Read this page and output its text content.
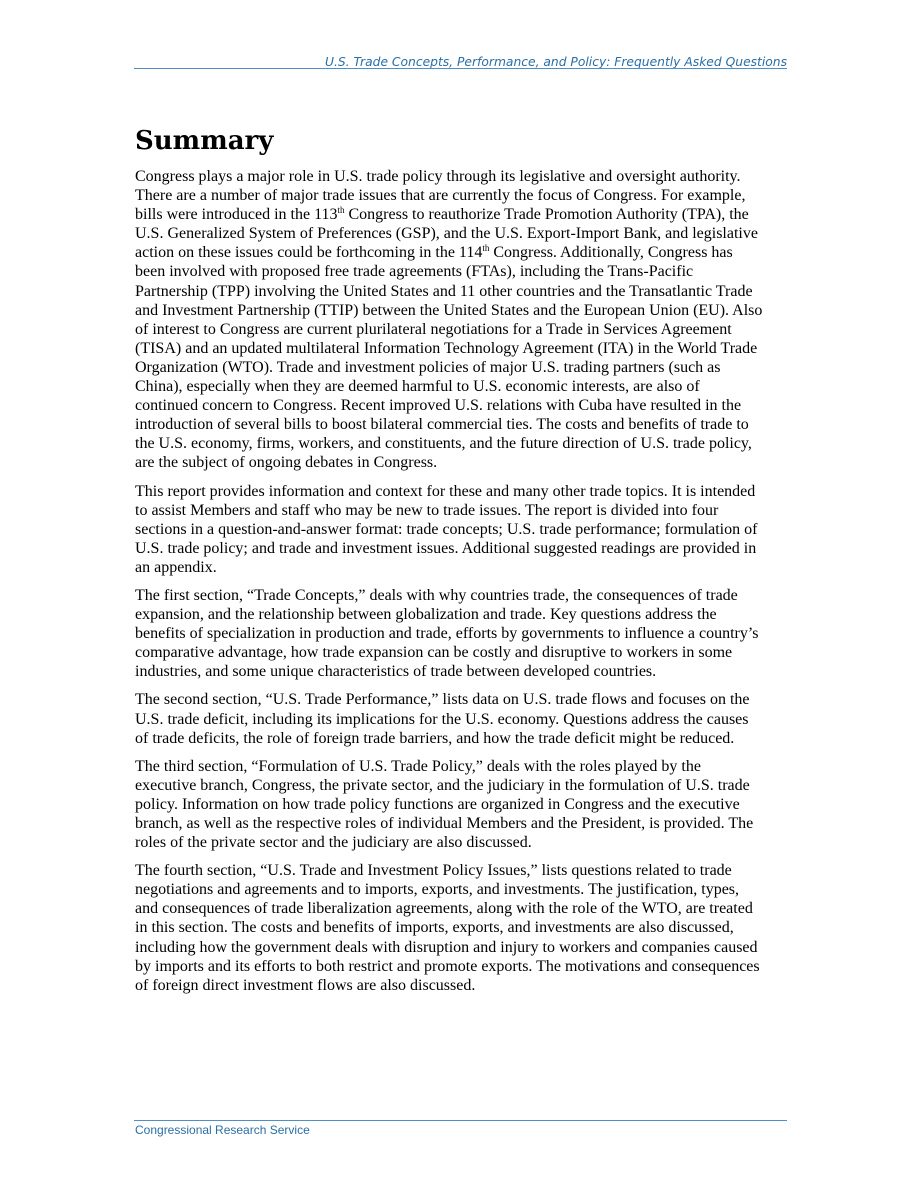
U.S. Trade Concepts, Performance, and Policy: Frequently Asked Questions
Summary

Congress plays a major role in U.S. trade policy through its legislative and oversight authority.
There are a number of major trade issues that are currently the focus of Congress. For example,
bills were introduced in the 113th Congress to reauthorize Trade Promotion Authority (TPA), the
U.S. Generalized System of Preferences (GSP), and the U.S. Export-Import Bank, and legislative
action on these issues could be forthcoming in the 114th Congress. Additionally, Congress has
been involved with proposed free trade agreements (FTAs), including the Trans-Pacific
Partnership (TPP) involving the United States and 11 other countries and the Transatlantic Trade
and Investment Partnership (TTIP) between the United States and the European Union (EU). Also
of interest to Congress are current plurilateral negotiations for a Trade in Services Agreement
(TISA) and an updated multilateral Information Technology Agreement (ITA) in the World Trade
Organization (WTO). Trade and investment policies of major U.S. trading partners (such as
China), especially when they are deemed harmful to U.S. economic interests, are also of
continued concern to Congress. Recent improved U.S. relations with Cuba have resulted in the
introduction of several bills to boost bilateral commercial ties. The costs and benefits of trade to
the U.S. economy, firms, workers, and constituents, and the future direction of U.S. trade policy,
are the subject of ongoing debates in Congress.

This report provides information and context for these and many other trade topics. It is intended
to assist Members and staff who may be new to trade issues. The report is divided into four
sections in a question-and-answer format: trade concepts; U.S. trade performance; formulation of
U.S. trade policy; and trade and investment issues. Additional suggested readings are provided in
an appendix.

The first section, “Trade Concepts,” deals with why countries trade, the consequences of trade
expansion, and the relationship between globalization and trade. Key questions address the
benefits of specialization in production and trade, efforts by governments to influence a country’s
comparative advantage, how trade expansion can be costly and disruptive to workers in some
industries, and some unique characteristics of trade between developed countries.

The second section, “U.S. Trade Performance,” lists data on U.S. trade flows and focuses on the
U.S. trade deficit, including its implications for the U.S. economy. Questions address the causes
of trade deficits, the role of foreign trade barriers, and how the trade deficit might be reduced.

The third section, “Formulation of U.S. Trade Policy,” deals with the roles played by the
executive branch, Congress, the private sector, and the judiciary in the formulation of U.S. trade
policy. Information on how trade policy functions are organized in Congress and the executive
branch, as well as the respective roles of individual Members and the President, is provided. The
roles of the private sector and the judiciary are also discussed.

The fourth section, “U.S. Trade and Investment Policy Issues,” lists questions related to trade
negotiations and agreements and to imports, exports, and investments. The justification, types,
and consequences of trade liberalization agreements, along with the role of the WTO, are treated
in this section. The costs and benefits of imports, exports, and investments are also discussed,
including how the government deals with disruption and injury to workers and companies caused
by imports and its efforts to both restrict and promote exports. The motivations and consequences
of foreign direct investment flows are also discussed.

Congressional Research Service
